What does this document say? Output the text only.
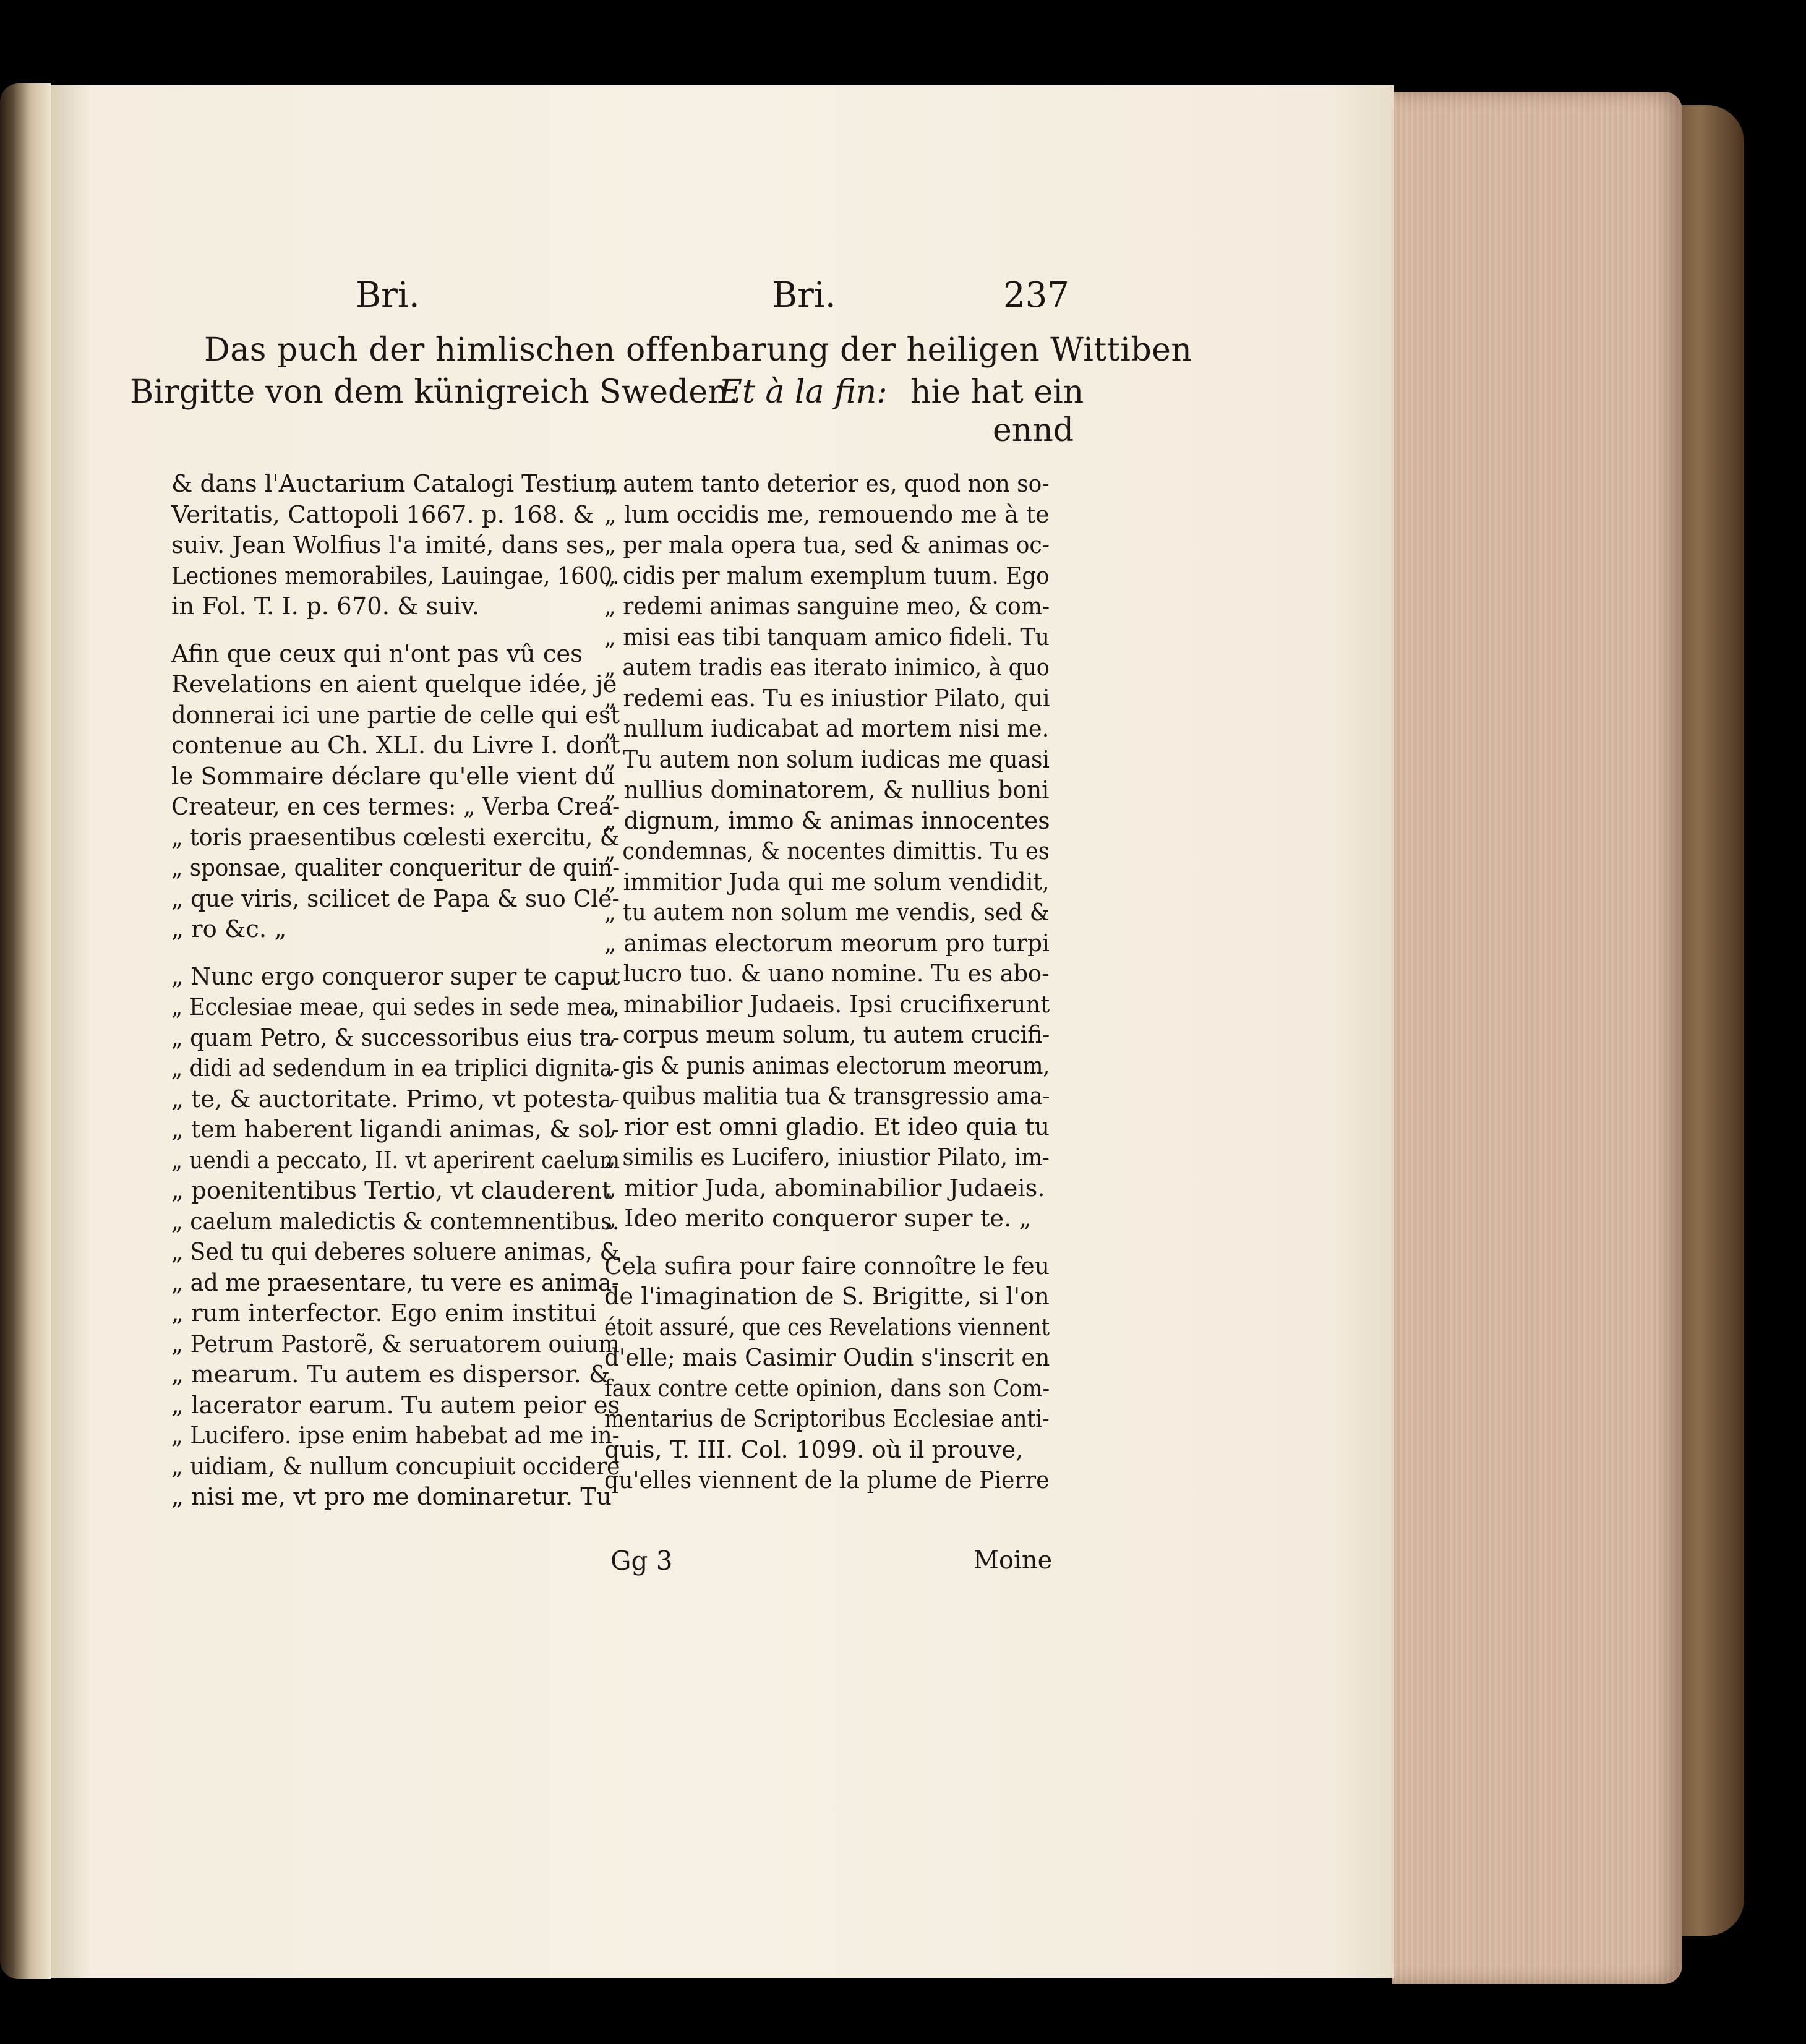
Bri.	Bri.	237
Das puch der himlischen offenbarung der heiligen Wittiben
Birgitte von dem künigreich Sweden.
Et à la fin: hie hat ein
ennd
& dans l'Auctarium Catalogi Testium
Veritatis, Cattopoli 1667. p. 168. &
suiv. Jean Wolfius l'a imité, dans ses
Lectiones memorabiles, Lauingae, 1600.
in Fol. T. I. p. 670. & suiv.
Afin que ceux qui n'ont pas vû ces
Revelations en aient quelque idée, je
donnerai ici une partie de celle qui est
contenue au Ch. XLI. du Livre I. dont
le Sommaire déclare qu'elle vient du
Createur, en ces termes: „ Verba Crea-
„ toris praesentibus cœlesti exercitu, &
„ sponsae, qualiter conqueritur de quin-
„ que viris, scilicet de Papa & suo Cle-
„ ro &c. „
„ Nunc ergo conqueror super te caput
„ Ecclesiae meae, qui sedes in sede mea,
„ quam Petro, & successoribus eius tra-
„ didi ad sedendum in ea triplici dignita-
„ te, & auctoritate. Primo, vt potesta-
„ tem haberent ligandi animas, & sol-
„ uendi a peccato, II. vt aperirent caelum
„ poenitentibus Tertio, vt clauderent
„ caelum maledictis & contemnentibus.
„ Sed tu qui deberes soluere animas, &
„ ad me praesentare, tu vere es anima-
„ rum interfector. Ego enim institui
„ Petrum Pastorẽ, & seruatorem ouium
„ mearum. Tu autem es dispersor. &
„ lacerator earum. Tu autem peior es
„ Lucifero. ipse enim habebat ad me in-
„ uidiam, & nullum concupiuit occidere
„ nisi me, vt pro me dominaretur. Tu
„ autem tanto deterior es, quod non so-
„ lum occidis me, remouendo me à te
„ per mala opera tua, sed & animas oc-
„ cidis per malum exemplum tuum. Ego
„ redemi animas sanguine meo, & com-
„ misi eas tibi tanquam amico fideli. Tu
„ autem tradis eas iterato inimico, à quo
„ redemi eas. Tu es iniustior Pilato, qui
„ nullum iudicabat ad mortem nisi me.
„ Tu autem non solum iudicas me quasi
„ nullius dominatorem, & nullius boni
„ dignum, immo & animas innocentes
„ condemnas, & nocentes dimittis. Tu es
„ immitior Juda qui me solum vendidit,
„ tu autem non solum me vendis, sed &
„ animas electorum meorum pro turpi
„ lucro tuo. & uano nomine. Tu es abo-
„ minabilior Judaeis. Ipsi crucifixerunt
„ corpus meum solum, tu autem crucifi-
„ gis & punis animas electorum meorum,
„ quibus malitia tua & transgressio ama-
„ rior est omni gladio. Et ideo quia tu
„ similis es Lucifero, iniustior Pilato, im-
„ mitior Juda, abominabilior Judaeis.
„ Ideo merito conqueror super te. „
Cela sufira pour faire connoître le feu
de l'imagination de S. Brigitte, si l'on
étoit assuré, que ces Revelations viennent
d'elle; mais Casimir Oudin s'inscrit en
faux contre cette opinion, dans son Com-
mentarius de Scriptoribus Ecclesiae anti-
quis, T. III. Col. 1099. où il prouve,
qu'elles viennent de la plume de Pierre
Gg 3	Moine
